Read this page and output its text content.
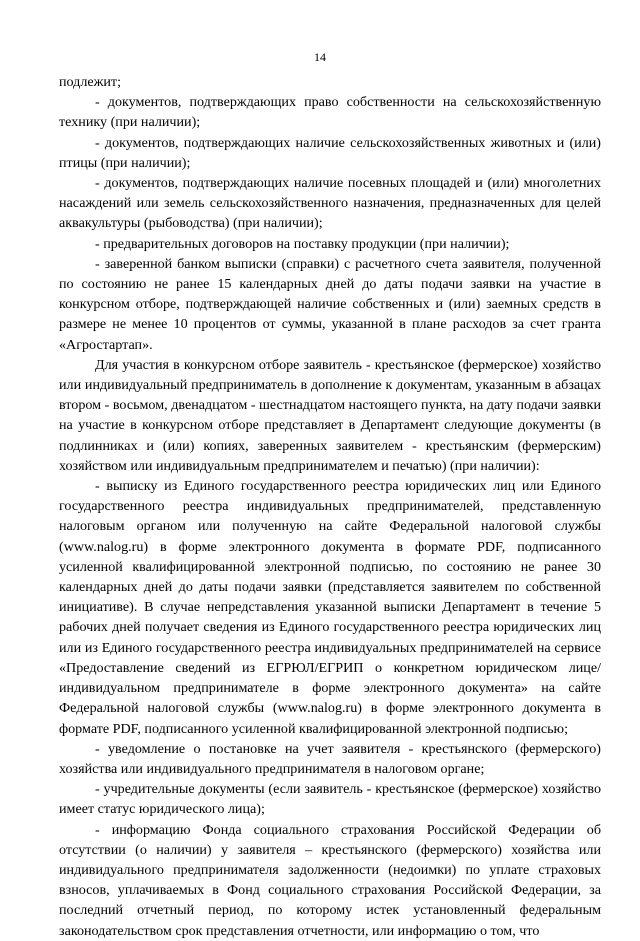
14

подлежит;

- документов, подтверждающих право собственности на сельскохозяйственную технику (при наличии);

- документов, подтверждающих наличие сельскохозяйственных животных и (или) птицы (при наличии);

- документов, подтверждающих наличие посевных площадей и (или) многолетних насаждений или земель сельскохозяйственного назначения, предназначенных для целей аквакультуры (рыбоводства) (при наличии);

- предварительных договоров на поставку продукции (при наличии);

- заверенной банком выписки (справки) с расчетного счета заявителя, полученной по состоянию не ранее 15 календарных дней до даты подачи заявки на участие в конкурсном отборе, подтверждающей наличие собственных и (или) заемных средств в размере не менее 10 процентов от суммы, указанной в плане расходов за счет гранта «Агростартап».

Для участия в конкурсном отборе заявитель - крестьянское (фермерское) хозяйство или индивидуальный предприниматель в дополнение к документам, указанным в абзацах втором - восьмом, двенадцатом - шестнадцатом настоящего пункта, на дату подачи заявки на участие в конкурсном отборе представляет в Департамент следующие документы (в подлинниках и (или) копиях, заверенных заявителем - крестьянским (фермерским) хозяйством или индивидуальным предпринимателем и печатью) (при наличии):

- выписку из Единого государственного реестра юридических лиц или Единого государственного реестра индивидуальных предпринимателей, представленную налоговым органом или полученную на сайте Федеральной налоговой службы (www.nalog.ru) в форме электронного документа в формате PDF, подписанного усиленной квалифицированной электронной подписью, по состоянию не ранее 30 календарных дней до даты подачи заявки (представляется заявителем по собственной инициативе). В случае непредставления указанной выписки Департамент в течение 5 рабочих дней получает сведения из Единого государственного реестра юридических лиц или из Единого государственного реестра индивидуальных предпринимателей на сервисе «Предоставление сведений из ЕГРЮЛ/ЕГРИП о конкретном юридическом лице/индивидуальном предпринимателе в форме электронного документа» на сайте Федеральной налоговой службы (www.nalog.ru) в форме электронного документа в формате PDF, подписанного усиленной квалифицированной электронной подписью;

- уведомление о постановке на учет заявителя - крестьянского (фермерского) хозяйства или индивидуального предпринимателя в налоговом органе;

- учредительные документы (если заявитель - крестьянское (фермерское) хозяйство имеет статус юридического лица);

- информацию Фонда социального страхования Российской Федерации об отсутствии (о наличии) у заявителя – крестьянского (фермерского) хозяйства или индивидуального предпринимателя задолженности (недоимки) по уплате страховых взносов, уплачиваемых в Фонд социального страхования Российской Федерации, за последний отчетный период, по которому истек установленный федеральным законодательством срок представления отчетности, или информацию о том, что
